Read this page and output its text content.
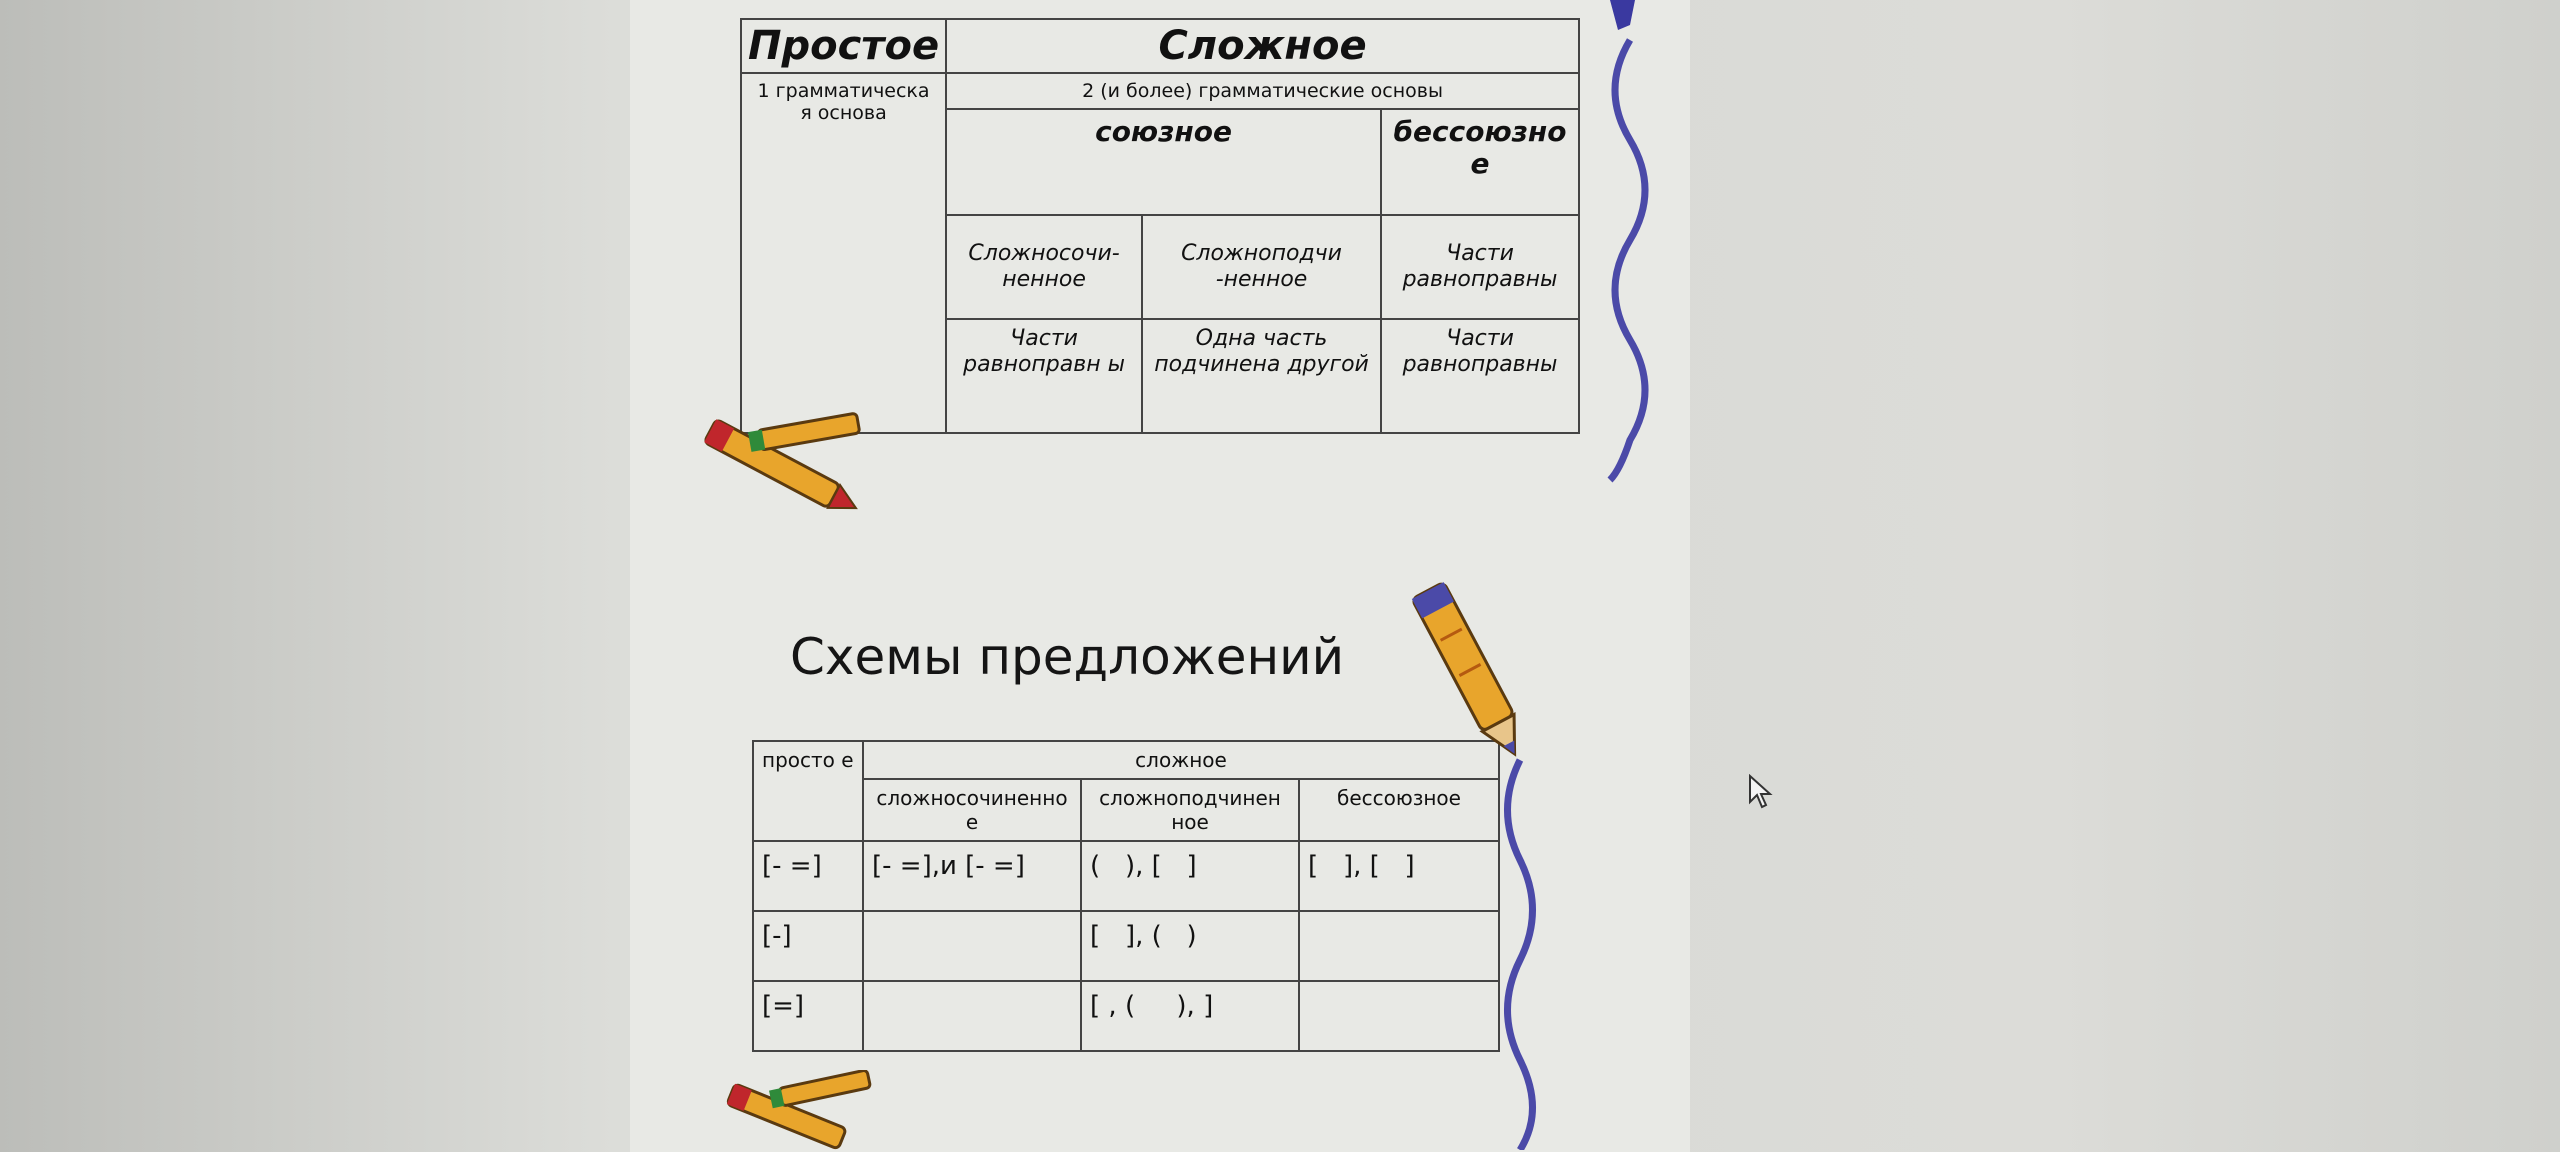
Простое	Сложное		
1 грамматическа я основа	2 (и более) грамматические основы		
	союзное		бессоюзно е
	Сложносочи-ненное	Сложноподчи -ненное	Части равноправны
	Части равноправн ы	Одна часть подчинена другой	Части равноправны
Схемы предложений
просто е	сложное		
	сложносочиненно е	сложноподчинен ное	бессоюзное
[- =]	[- =],и [- =]	(   ), [   ]	[   ], [   ]
[-]		[   ], (   )	
[=]		[ , (     ), ]	
